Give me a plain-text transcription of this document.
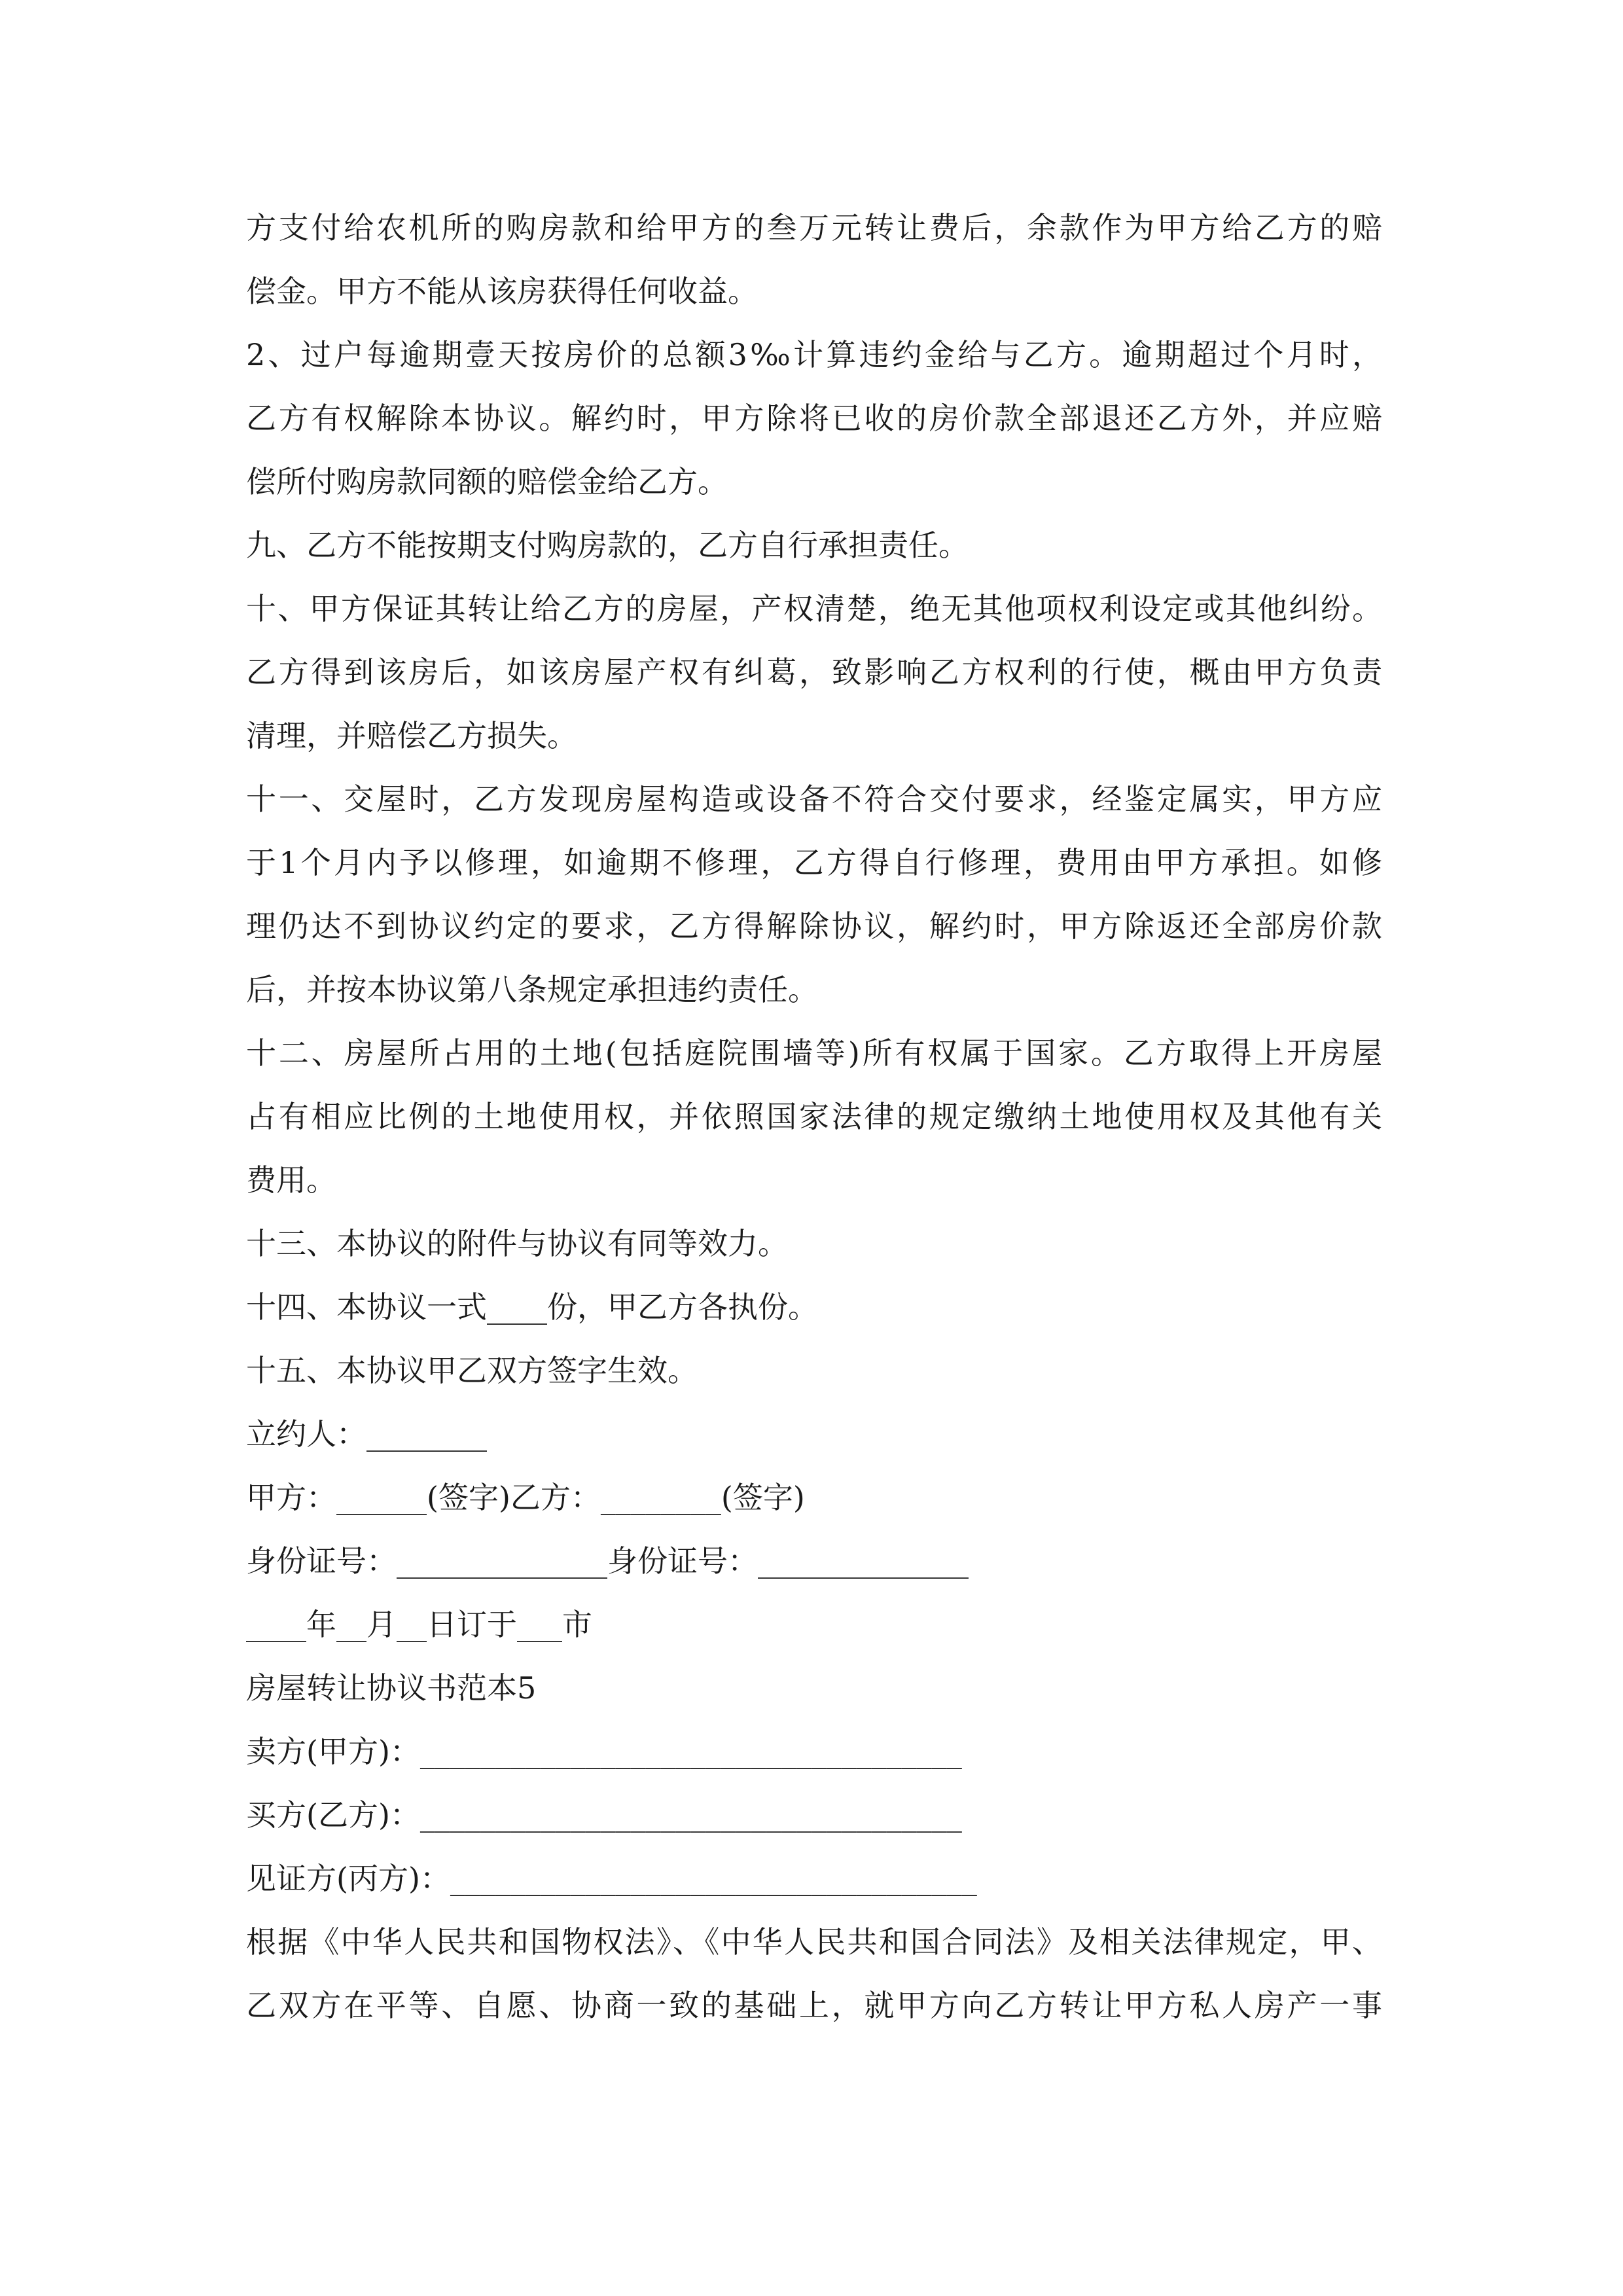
方支付给农机所的购房款和给甲方的叁万元转让费后，余款作为甲方给乙方的赔
偿金。甲方不能从该房获得任何收益。
2、过户每逾期壹天按房价的总额3‰计算违约金给与乙方。逾期超过个月时，
乙方有权解除本协议。解约时，甲方除将已收的房价款全部退还乙方外，并应赔
偿所付购房款同额的赔偿金给乙方。
九、乙方不能按期支付购房款的，乙方自行承担责任。
十、甲方保证其转让给乙方的房屋，产权清楚，绝无其他项权利设定或其他纠纷。
乙方得到该房后，如该房屋产权有纠葛，致影响乙方权利的行使，概由甲方负责
清理，并赔偿乙方损失。
十一、交屋时，乙方发现房屋构造或设备不符合交付要求，经鉴定属实，甲方应
于1个月内予以修理，如逾期不修理，乙方得自行修理，费用由甲方承担。如修
理仍达不到协议约定的要求，乙方得解除协议，解约时，甲方除返还全部房价款
后，并按本协议第八条规定承担违约责任。
十二、房屋所占用的土地(包括庭院围墙等)所有权属于国家。乙方取得上开房屋
占有相应比例的土地使用权，并依照国家法律的规定缴纳土地使用权及其他有关
费用。
十三、本协议的附件与协议有同等效力。
十四、本协议一式____份，甲乙方各执份。
十五、本协议甲乙双方签字生效。
立约人：________
甲方：______(签字)乙方：________(签字)
身份证号：______________身份证号：______________
____年__月__日订于___市
房屋转让协议书范本5
卖方(甲方)：____________________________________
买方(乙方)：____________________________________
见证方(丙方)：___________________________________
根据《中华人民共和国物权法》、《中华人民共和国合同法》及相关法律规定，甲、
乙双方在平等、自愿、协商一致的基础上，就甲方向乙方转让甲方私人房产一事
